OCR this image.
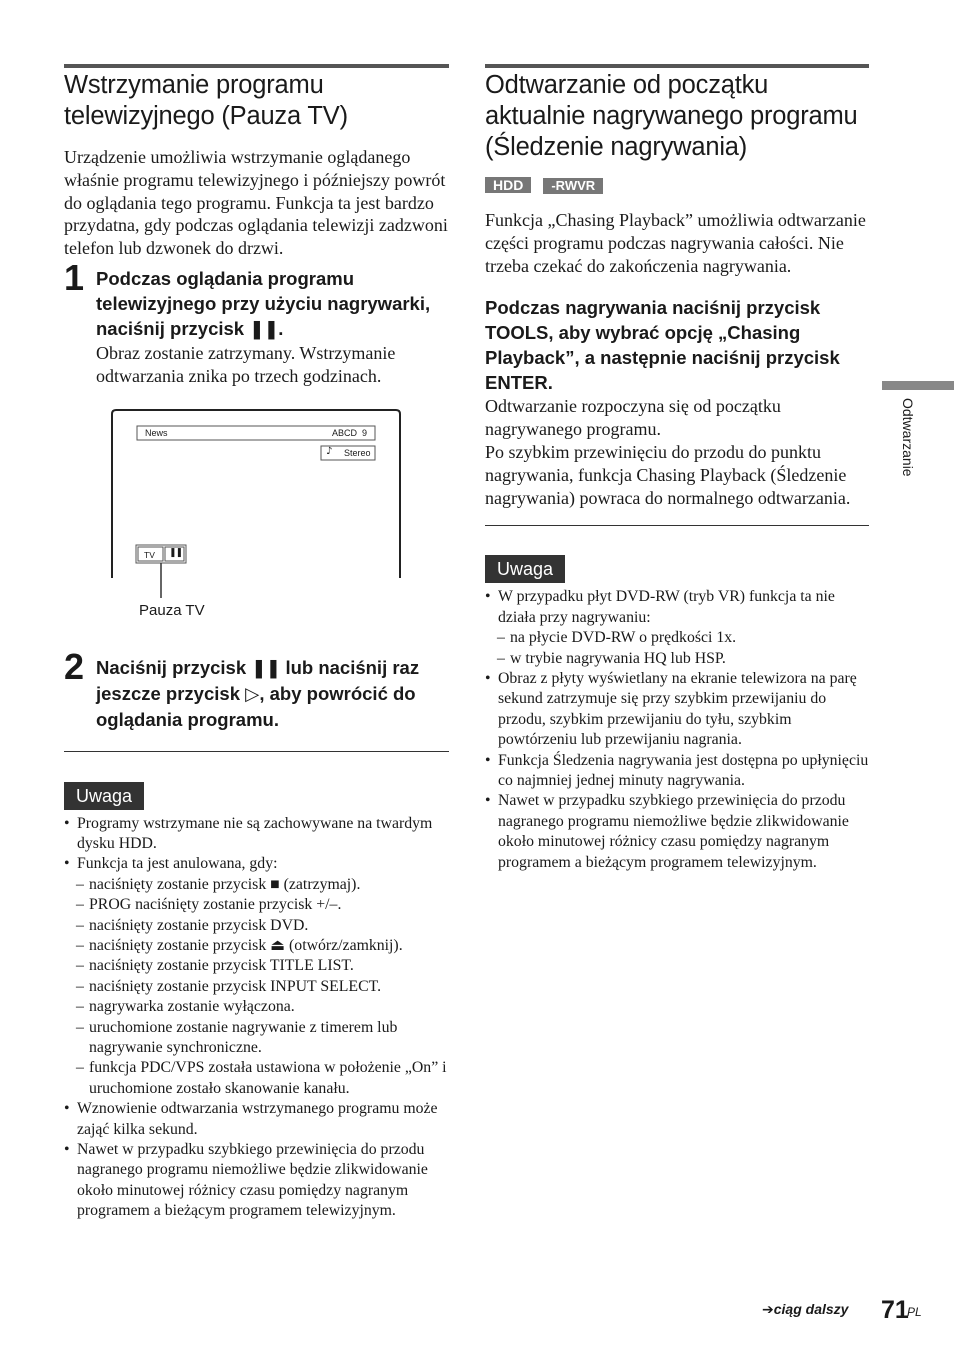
Wstrzymanie programu telewizyjnego (Pauza TV)

Urządzenie umożliwia wstrzymanie oglądanego właśnie programu telewizyjnego i późniejszy powrót do oglądania tego programu. Funkcja ta jest bardzo przydatna, gdy podczas oglądania telewizji zadzwoni telefon lub dzwonek do drzwi.

1 Podczas oglądania programu telewizyjnego przy użyciu nagrywarki, naciśnij przycisk ❚❚.

Obraz zostanie zatrzymany. Wstrzymanie odtwarzania znika po trzech godzinach.

News	ABCD  9
♪ Stereo
TV ❚❚
Pauza TV
2 Naciśnij przycisk ❚❚ lub naciśnij raz jeszcze przycisk ▷, aby powrócić do oglądania programu.

Uwaga
• Programy wstrzymane nie są zachowywane na twardym dysku HDD.
• Funkcja ta jest anulowana, gdy:
– naciśnięty zostanie przycisk ■ (zatrzymaj).
– PROG naciśnięty zostanie przycisk +/–.
– naciśnięty zostanie przycisk DVD.
– naciśnięty zostanie przycisk ⏏ (otwórz/zamknij).
– naciśnięty zostanie przycisk TITLE LIST.
– naciśnięty zostanie przycisk INPUT SELECT.
– nagrywarka zostanie wyłączona.
– uruchomione zostanie nagrywanie z timerem lub nagrywanie synchroniczne.
– funkcja PDC/VPS została ustawiona w położenie „On” i uruchomione zostało skanowanie kanału.
• Wznowienie odtwarzania wstrzymanego programu może zająć kilka sekund.
• Nawet w przypadku szybkiego przewinięcia do przodu nagranego programu niemożliwe będzie zlikwidowanie około minutowej różnicy czasu pomiędzy nagranym programem a bieżącym programem telewizyjnym.
Odtwarzanie od początku aktualnie nagrywanego programu (Śledzenie nagrywania)
HDD -RWVR

Funkcja „Chasing Playback” umożliwia odtwarzanie części programu podczas nagrywania całości. Nie trzeba czekać do zakończenia nagrywania.

Podczas nagrywania naciśnij przycisk TOOLS, aby wybrać opcję „Chasing Playback”, a następnie naciśnij przycisk ENTER.

Odtwarzanie rozpoczyna się od początku nagrywanego programu.

Po szybkim przewinięciu do przodu do punktu nagrywania, funkcja Chasing Playback (Śledzenie nagrywania) powraca do normalnego odtwarzania.

Uwaga
• W przypadku płyt DVD-RW (tryb VR) funkcja ta nie działa przy nagrywaniu:
– na płycie DVD-RW o prędkości 1x.
– w trybie nagrywania HQ lub HSP.
• Obraz z płyty wyświetlany na ekranie telewizora na parę sekund zatrzymuje się przy szybkim przewijaniu do przodu, szybkim przewijaniu do tyłu, szybkim powtórzeniu lub przewijaniu nagrania.
• Funkcja Śledzenia nagrywania jest dostępna po upłynięciu co najmniej jednej minuty nagrywania.
• Nawet w przypadku szybkiego przewinięcia do przodu nagranego programu niemożliwe będzie zlikwidowanie około minutowej różnicy czasu pomiędzy nagranym programem a bieżącym programem telewizyjnym.
Odtwarzanie
➔ciąg dalszy 71
PL
